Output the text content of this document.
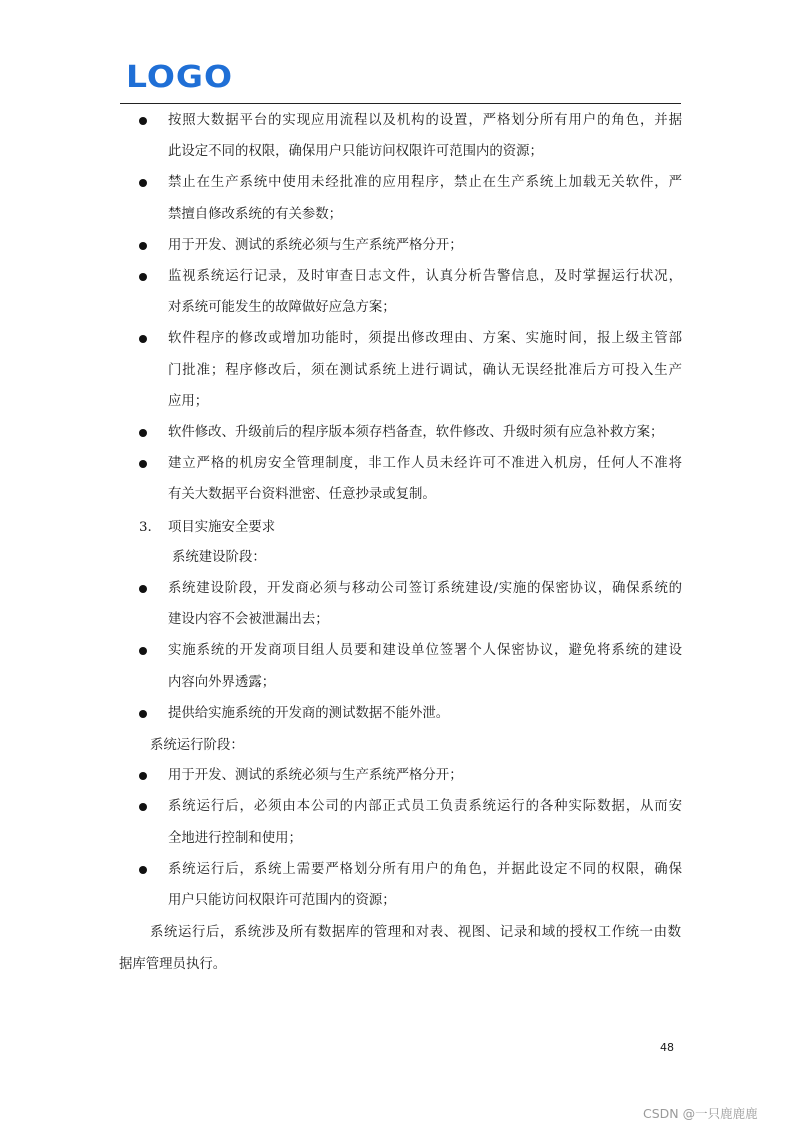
LOGO
按照大数据平台的实现应用流程以及机构的设置，严格划分所有用户的角色，并据
此设定不同的权限，确保用户只能访问权限许可范围内的资源；
禁止在生产系统中使用未经批准的应用程序，禁止在生产系统上加载无关软件，严
禁擅自修改系统的有关参数；
用于开发、测试的系统必须与生产系统严格分开；
监视系统运行记录，及时审查日志文件，认真分析告警信息，及时掌握运行状况，
对系统可能发生的故障做好应急方案；
软件程序的修改或增加功能时，须提出修改理由、方案、实施时间，报上级主管部
门批准；程序修改后，须在测试系统上进行调试，确认无误经批准后方可投入生产
应用；
软件修改、升级前后的程序版本须存档备查，软件修改、升级时须有应急补救方案；
建立严格的机房安全管理制度，非工作人员未经许可不准进入机房，任何人不准将
有关大数据平台资料泄密、任意抄录或复制。
3. 项目实施安全要求
系统建设阶段：
系统建设阶段，开发商必须与移动公司签订系统建设/实施的保密协议，确保系统的
建设内容不会被泄漏出去；
实施系统的开发商项目组人员要和建设单位签署个人保密协议，避免将系统的建设
内容向外界透露；
提供给实施系统的开发商的测试数据不能外泄。
系统运行阶段：
用于开发、测试的系统必须与生产系统严格分开；
系统运行后，必须由本公司的内部正式员工负责系统运行的各种实际数据，从而安
全地进行控制和使用；
系统运行后，系统上需要严格划分所有用户的角色，并据此设定不同的权限，确保
用户只能访问权限许可范围内的资源；
系统运行后，系统涉及所有数据库的管理和对表、视图、记录和域的授权工作统一由数
据库管理员执行。
48
CSDN @一只鹿鹿鹿
